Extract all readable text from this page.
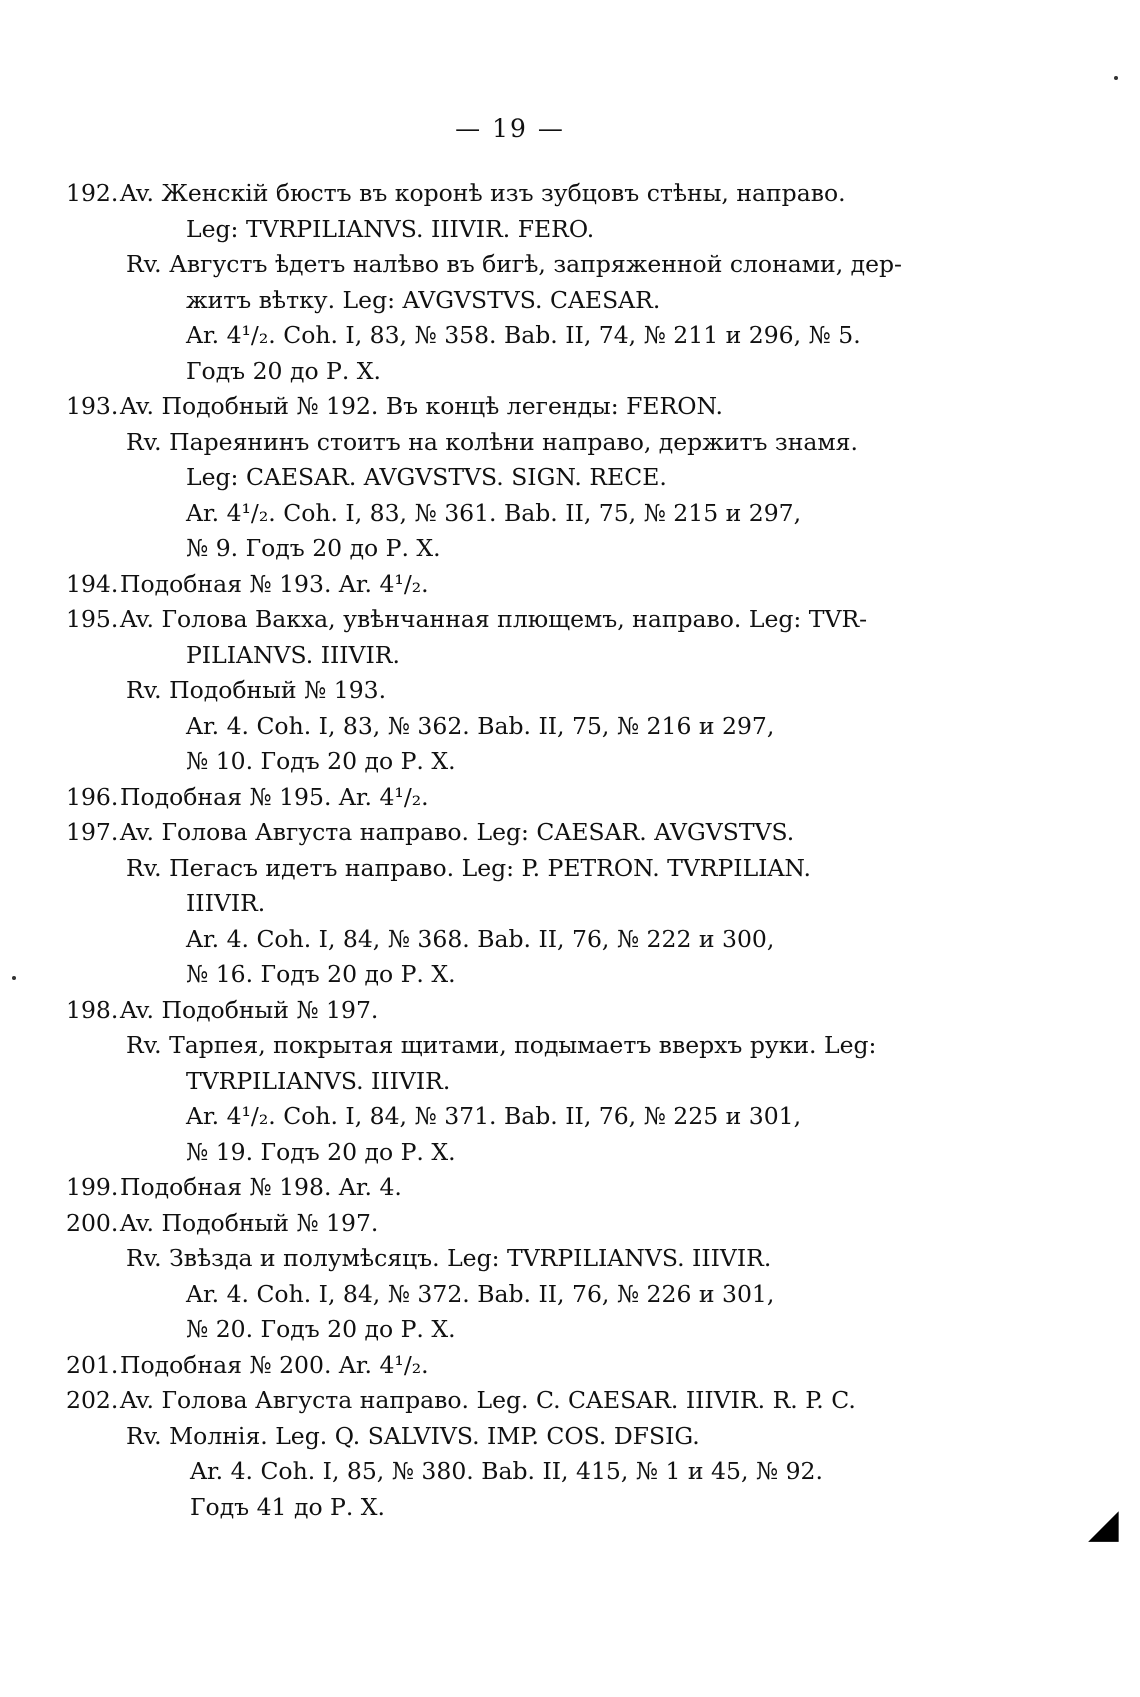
— 19 —
192.Av. Женскій бюстъ въ коронѣ изъ зубцовъ стѣны, направо.
Leg: TVRPILIANVS. IIIVIR. FERO.
Rv. Августъ ѣдетъ налѣво въ бигѣ, запряженной слонами, дер-
житъ вѣтку. Leg: AVGVSTVS. CAESAR.
Ar. 4¹/₂. Coh. I, 83, № 358. Bab. II, 74, № 211 и 296, № 5.
Годъ 20 до Р. Х.
193.Av. Подобный № 192. Въ концѣ легенды: FERON.
Rv. Пареянинъ стоитъ на колѣни направо, держитъ знамя.
Leg: CAESAR. AVGVSTVS. SIGN. RECE.
Ar. 4¹/₂. Coh. I, 83, № 361. Bab. II, 75, № 215 и 297,
№ 9. Годъ 20 до Р. Х.
194.Подобная № 193. Ar. 4¹/₂.
195.Av. Голова Вакха, увѣнчанная плющемъ, направо. Leg: TVR-
PILIANVS. IIIVIR.
Rv. Подобный № 193.
Ar. 4. Coh. I, 83, № 362. Bab. II, 75, № 216 и 297,
№ 10. Годъ 20 до Р. Х.
196.Подобная № 195. Ar. 4¹/₂.
197.Av. Голова Августа направо. Leg: CAESAR. AVGVSTVS.
Rv. Пегасъ идетъ направо. Leg: P. PETRON. TVRPILIAN.
IIIVIR.
Ar. 4. Coh. I, 84, № 368. Bab. II, 76, № 222 и 300,
№ 16. Годъ 20 до Р. Х.
198.Av. Подобный № 197.
Rv. Тарпея, покрытая щитами, подымаетъ вверхъ руки. Leg:
TVRPILIANVS. IIIVIR.
Ar. 4¹/₂. Coh. I, 84, № 371. Bab. II, 76, № 225 и 301,
№ 19. Годъ 20 до Р. Х.
199.Подобная № 198. Ar. 4.
200.Av. Подобный № 197.
Rv. Звѣзда и полумѣсяцъ. Leg: TVRPILIANVS. IIIVIR.
Ar. 4. Coh. I, 84, № 372. Bab. II, 76, № 226 и 301,
№ 20. Годъ 20 до Р. Х.
201.Подобная № 200. Ar. 4¹/₂.
202.Av. Голова Августа направо. Leg. C. CAESAR. IIIVIR. R. P. C.
Rv. Молнія. Leg. Q. SALVIVS. IMP. COS. DFSIG.
Ar. 4. Coh. I, 85, № 380. Bab. II, 415, № 1 и 45, № 92.
Годъ 41 до Р. Х.	◢
